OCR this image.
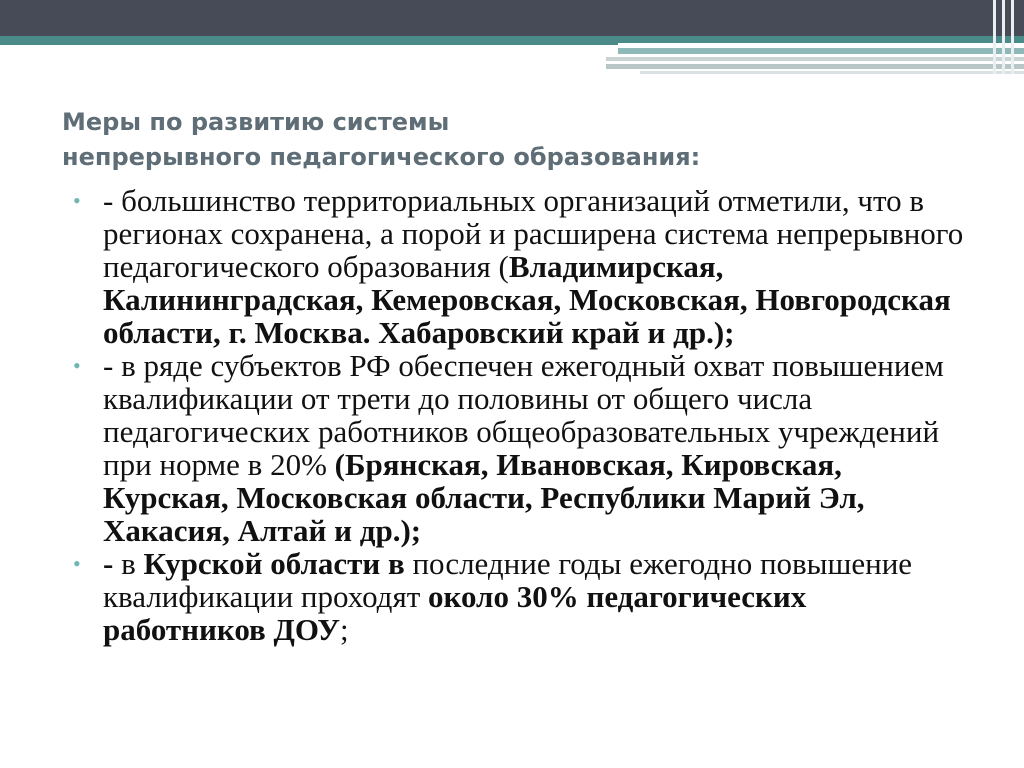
Меры по развитию системы
непрерывного педагогического образования:
• - большинство территориальных организаций отметили, что в регионах сохранена, а порой и расширена система непрерывного педагогического образования (Владимирская, Калининградская, Кемеровская, Московская, Новгородская области, г. Москва. Хабаровский край и др.);
• - в ряде субъектов РФ обеспечен ежегодный охват повышением квалификации от трети до половины от общего числа педагогических работников общеобразовательных учреждений при норме в 20% (Брянская, Ивановская, Кировская, Курская, Московская области, Республики Марий Эл, Хакасия, Алтай и др.);
• - в Курской области в последние годы ежегодно повышение квалификации проходят около 30% педагогических работников ДОУ;
